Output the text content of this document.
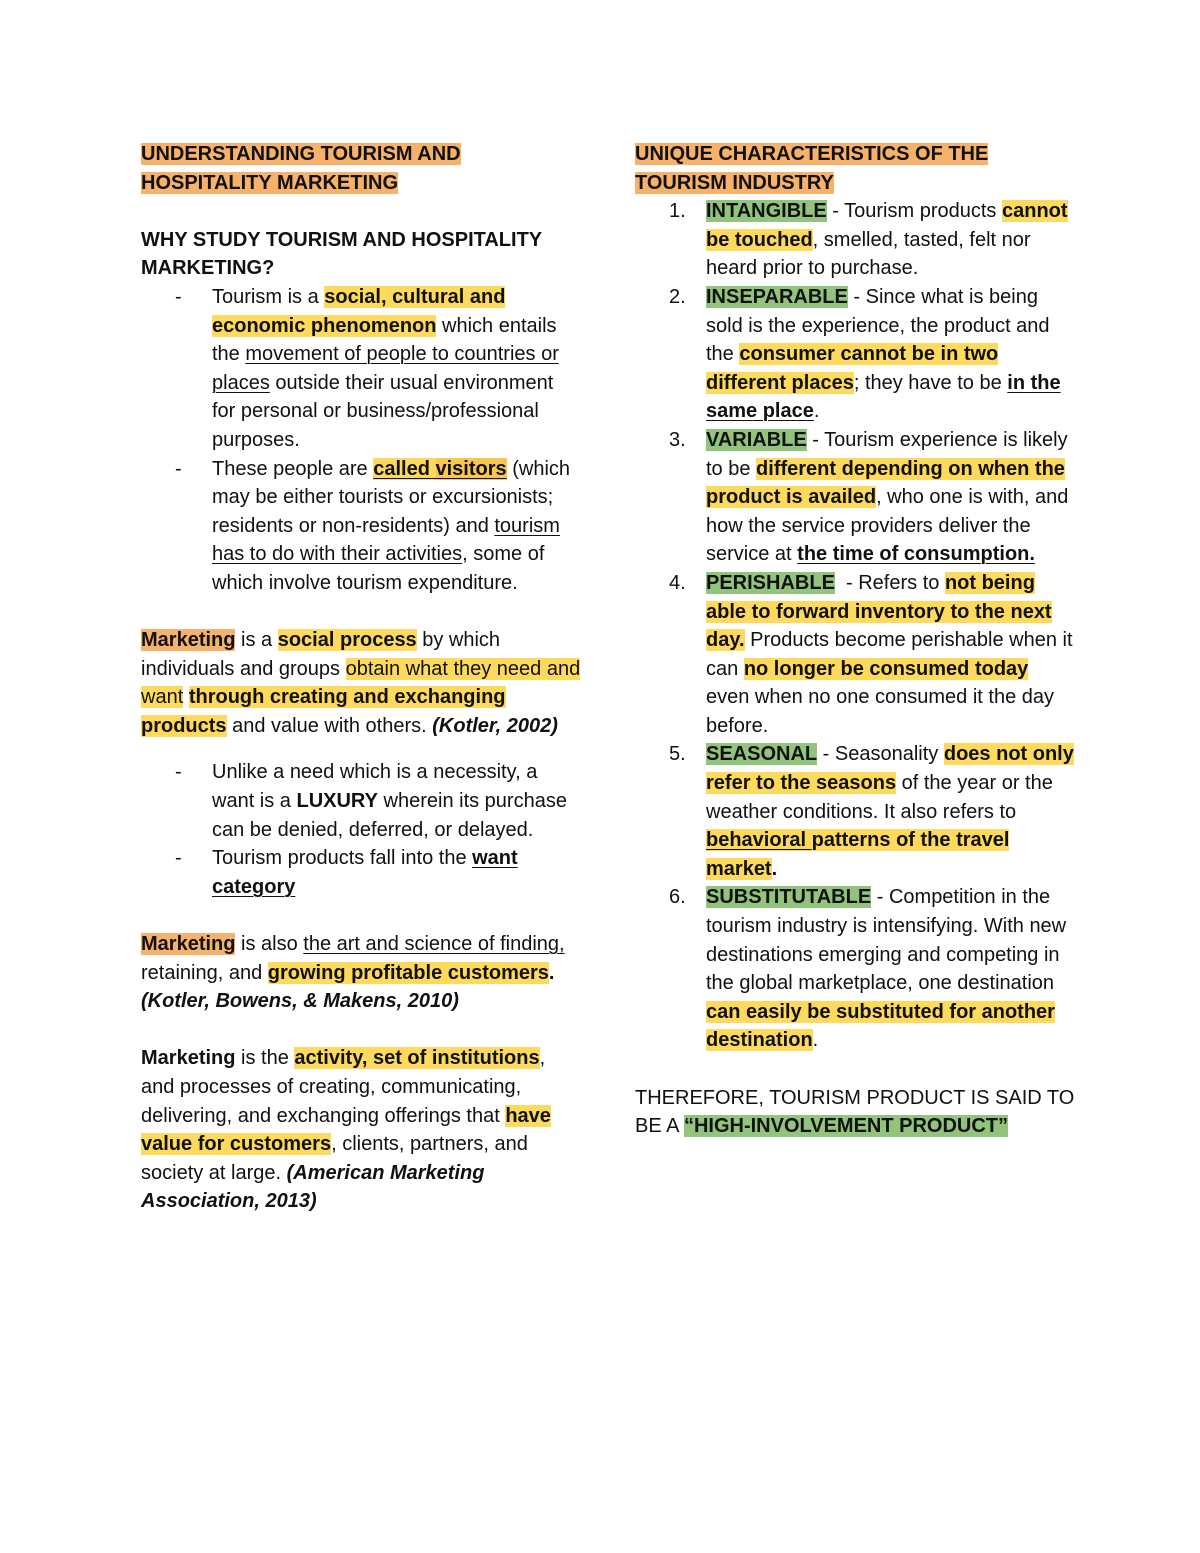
UNDERSTANDING TOURISM AND HOSPITALITY MARKETING

WHY STUDY TOURISM AND HOSPITALITY MARKETING?

- Tourism is a social, cultural and economic phenomenon which entails the movement of people to countries or places outside their usual environment for personal or business/professional purposes.
- These people are called visitors (which may be either tourists or excursionists; residents or non-residents) and tourism has to do with their activities, some of which involve tourism expenditure.

Marketing is a social process by which individuals and groups obtain what they need and want through creating and exchanging products and value with others. (Kotler, 2002)

- Unlike a need which is a necessity, a want is a LUXURY wherein its purchase can be denied, deferred, or delayed.
- Tourism products fall into the want category

Marketing is also the art and science of finding, retaining, and growing profitable customers. (Kotler, Bowens, & Makens, 2010)

Marketing is the activity, set of institutions, and processes of creating, communicating, delivering, and exchanging offerings that have value for customers, clients, partners, and society at large. (American Marketing Association, 2013)

UNIQUE CHARACTERISTICS OF THE TOURISM INDUSTRY

1. INTANGIBLE - Tourism products cannot be touched, smelled, tasted, felt nor heard prior to purchase.
2. INSEPARABLE - Since what is being sold is the experience, the product and the consumer cannot be in two different places; they have to be in the same place.
3. VARIABLE - Tourism experience is likely to be different depending on when the product is availed, who one is with, and how the service providers deliver the service at the time of consumption.
4. PERISHABLE  - Refers to not being able to forward inventory to the next day. Products become perishable when it can no longer be consumed today even when no one consumed it the day before.
5. SEASONAL - Seasonality does not only refer to the seasons of the year or the weather conditions. It also refers to behavioral patterns of the travel market.
6. SUBSTITUTABLE - Competition in the tourism industry is intensifying. With new destinations emerging and competing in the global marketplace, one destination can easily be substituted for another destination.

THEREFORE, TOURISM PRODUCT IS SAID TO BE A “HIGH-INVOLVEMENT PRODUCT”
